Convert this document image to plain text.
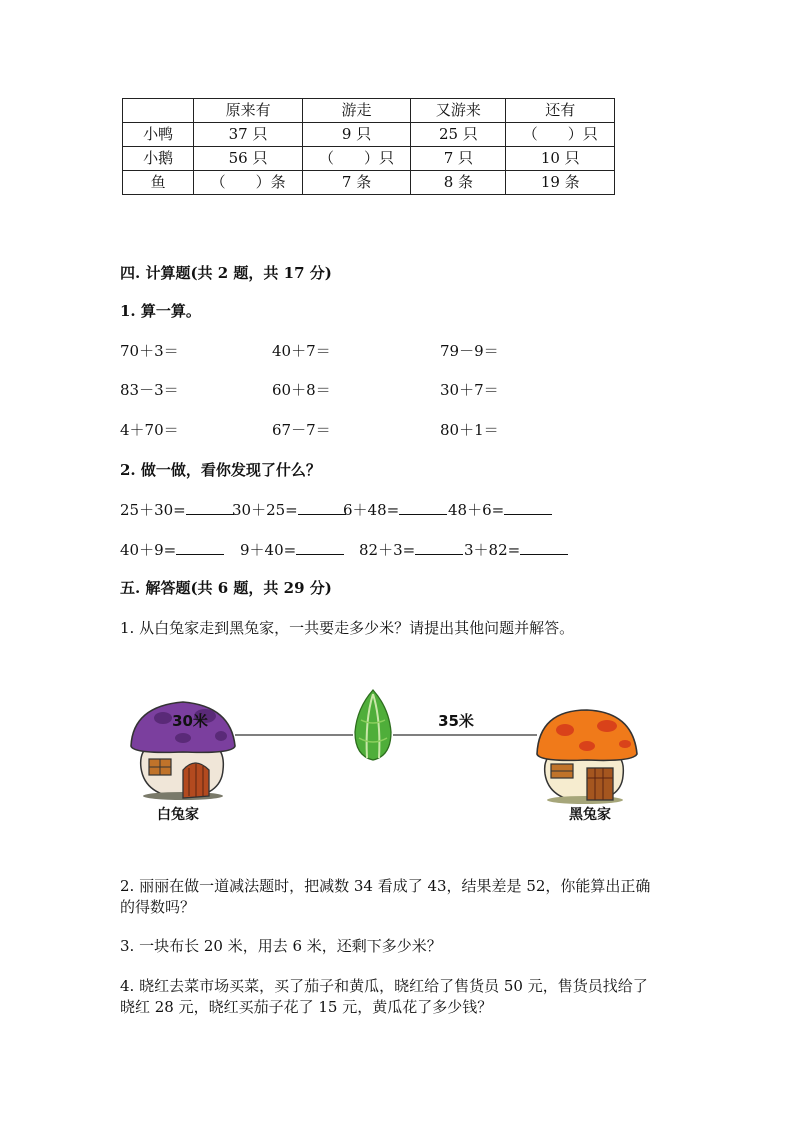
	原来有	游走	又游来	还有
小鸭	37 只	9 只	25 只	（　　）只
小鹅	56 只	（　　）只	7 只	10 只
鱼	（　　）条	7 条	8 条	19 条
四. 计算题(共 2 题，共 17 分)
1. 算一算。
70＋3＝	40＋7＝	79－9＝
83－3＝	60＋8＝	30＋7＝
4＋70＝	67－7＝	80＋1＝
2. 做一做，看你发现了什么？
25＋30=	30＋25=	6＋48=	48＋6=
40＋9=	9＋40=	82＋3=	3＋82=
五. 解答题(共 6 题，共 29 分)
1. 从白兔家走到黑兔家，一共要走多少米？请提出其他问题并解答。
30米	35米
白兔家	黑兔家
2. 丽丽在做一道减法题时，把减数 34 看成了 43，结果差是 52，你能算出正确
的得数吗？
3. 一块布长 20 米，用去 6 米，还剩下多少米？
4. 晓红去菜市场买菜，买了茄子和黄瓜，晓红给了售货员 50 元，售货员找给了
晓红 28 元，晓红买茄子花了 15 元，黄瓜花了多少钱？
